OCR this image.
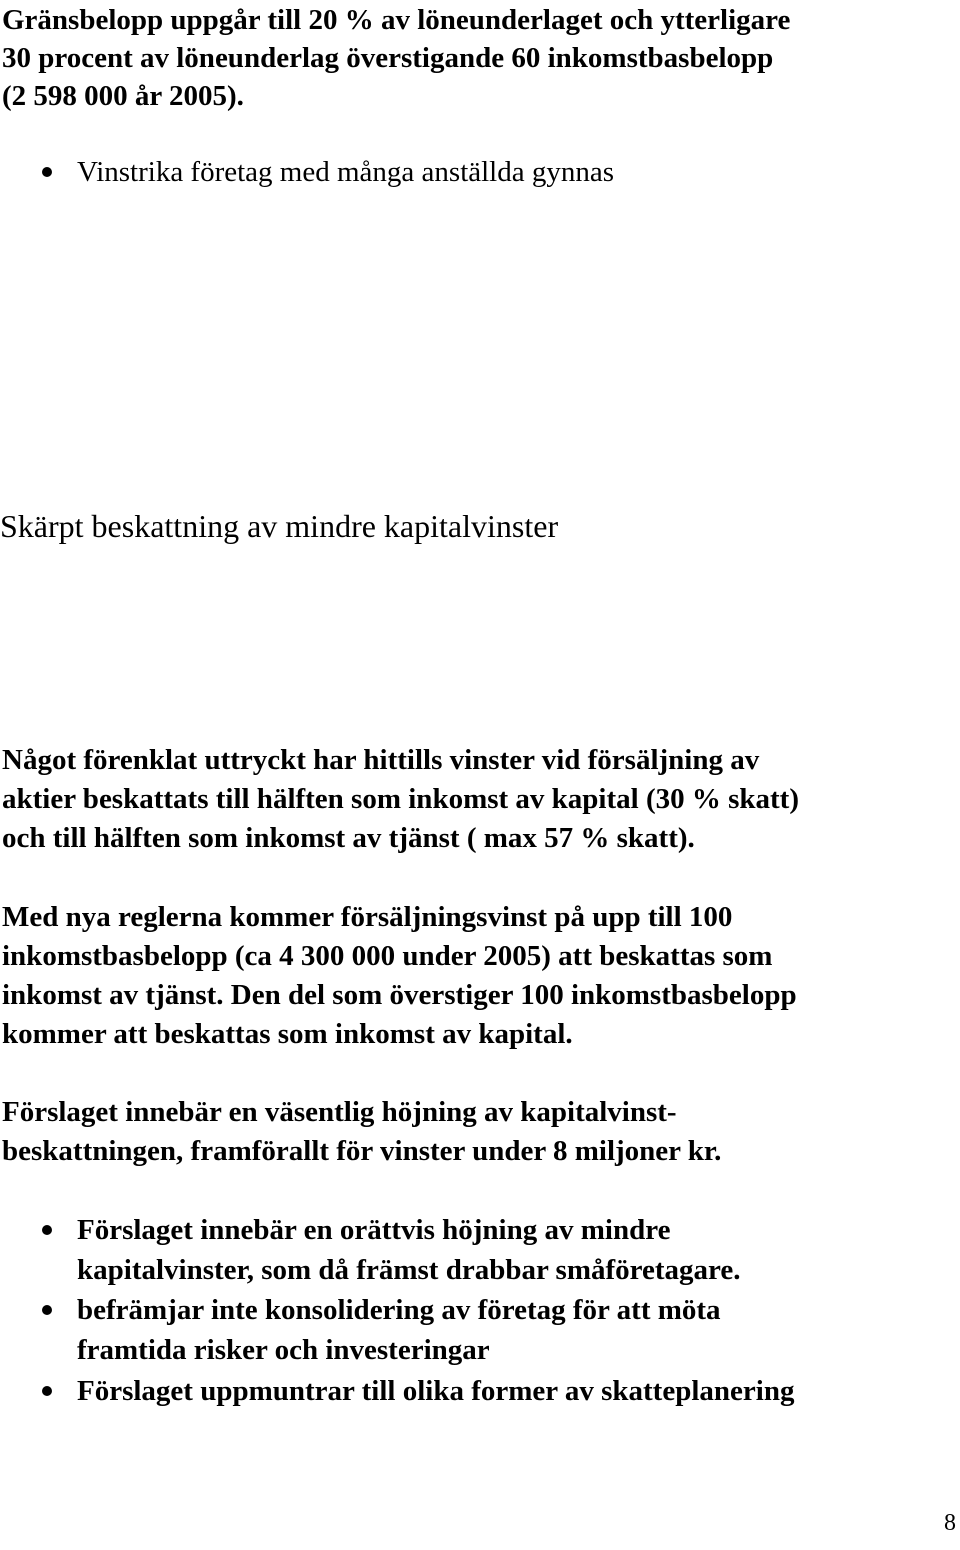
Gränsbelopp uppgår till 20 % av löneunderlaget och ytterligare

30 procent av löneunderlag överstigande 60 inkomstbasbelopp

(2 598 000 år 2005).

Vinstrika företag med många anställda gynnas

Skärpt beskattning av mindre kapitalvinster

Något förenklat uttryckt har hittills vinster vid försäljning av

aktier beskattats till hälften som inkomst av kapital (30 % skatt)

och till hälften som inkomst av tjänst ( max 57 % skatt).

Med nya reglerna kommer försäljningsvinst på upp till 100

inkomstbasbelopp (ca 4 300 000 under 2005) att beskattas som

inkomst av tjänst. Den del som överstiger 100 inkomstbasbelopp

kommer att beskattas som inkomst av kapital.

Förslaget innebär en väsentlig höjning av kapitalvinst-

beskattningen, framförallt för vinster under 8 miljoner kr.

Förslaget innebär en orättvis höjning av mindre

kapitalvinster, som då främst drabbar småföretagare.

befrämjar inte konsolidering av företag för att möta

framtida risker och investeringar

Förslaget uppmuntrar till olika former av skatteplanering
8
